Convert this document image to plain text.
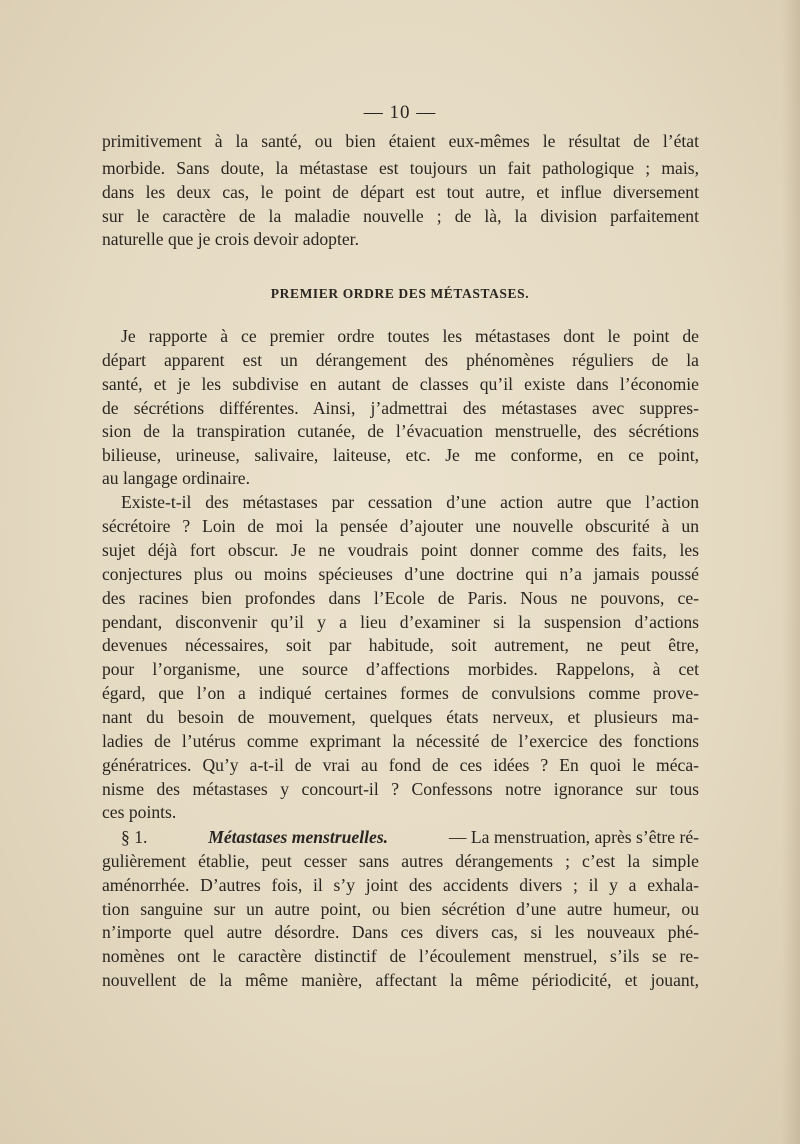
— 10 —
primitivement à la santé, ou bien étaient eux-mêmes le résultat de l’état
morbide. Sans doute, la métastase est toujours un fait pathologique ; mais,
dans les deux cas, le point de départ est tout autre, et influe diversement
sur le caractère de la maladie nouvelle ; de là, la division parfaitement
naturelle que je crois devoir adopter.
PREMIER ORDRE DES MÉTASTASES.
Je rapporte à ce premier ordre toutes les métastases dont le point de
départ apparent est un dérangement des phénomènes réguliers de la
santé, et je les subdivise en autant de classes qu’il existe dans l’économie
de sécrétions différentes. Ainsi, j’admettrai des métastases avec suppres-
sion de la transpiration cutanée, de l’évacuation menstruelle, des sécrétions
bilieuse, urineuse, salivaire, laiteuse, etc. Je me conforme, en ce point,
au langage ordinaire.
Existe-t-il des métastases par cessation d’une action autre que l’action
sécrétoire ? Loin de moi la pensée d’ajouter une nouvelle obscurité à un
sujet déjà fort obscur. Je ne voudrais point donner comme des faits, les
conjectures plus ou moins spécieuses d’une doctrine qui n’a jamais poussé
des racines bien profondes dans l’Ecole de Paris. Nous ne pouvons, ce-
pendant, disconvenir qu’il y a lieu d’examiner si la suspension d’actions
devenues nécessaires, soit par habitude, soit autrement, ne peut être,
pour l’organisme, une source d’affections morbides. Rappelons, à cet
égard, que l’on a indiqué certaines formes de convulsions comme prove-
nant du besoin de mouvement, quelques états nerveux, et plusieurs ma-
ladies de l’utérus comme exprimant la nécessité de l’exercice des fonctions
génératrices. Qu’y a-t-il de vrai au fond de ces idées ? En quoi le méca-
nisme des métastases y concourt-il ? Confessons notre ignorance sur tous
ces points.
§ 1.	Métastases menstruelles.	— La menstruation, après s’être ré-
gulièrement établie, peut cesser sans autres dérangements ; c’est la simple
aménorrhée. D’autres fois, il s’y joint des accidents divers ; il y a exhala-
tion sanguine sur un autre point, ou bien sécrétion d’une autre humeur, ou
n’importe quel autre désordre. Dans ces divers cas, si les nouveaux phé-
nomènes ont le caractère distinctif de l’écoulement menstruel, s’ils se re-
nouvellent de la même manière, affectant la même périodicité, et jouant,
